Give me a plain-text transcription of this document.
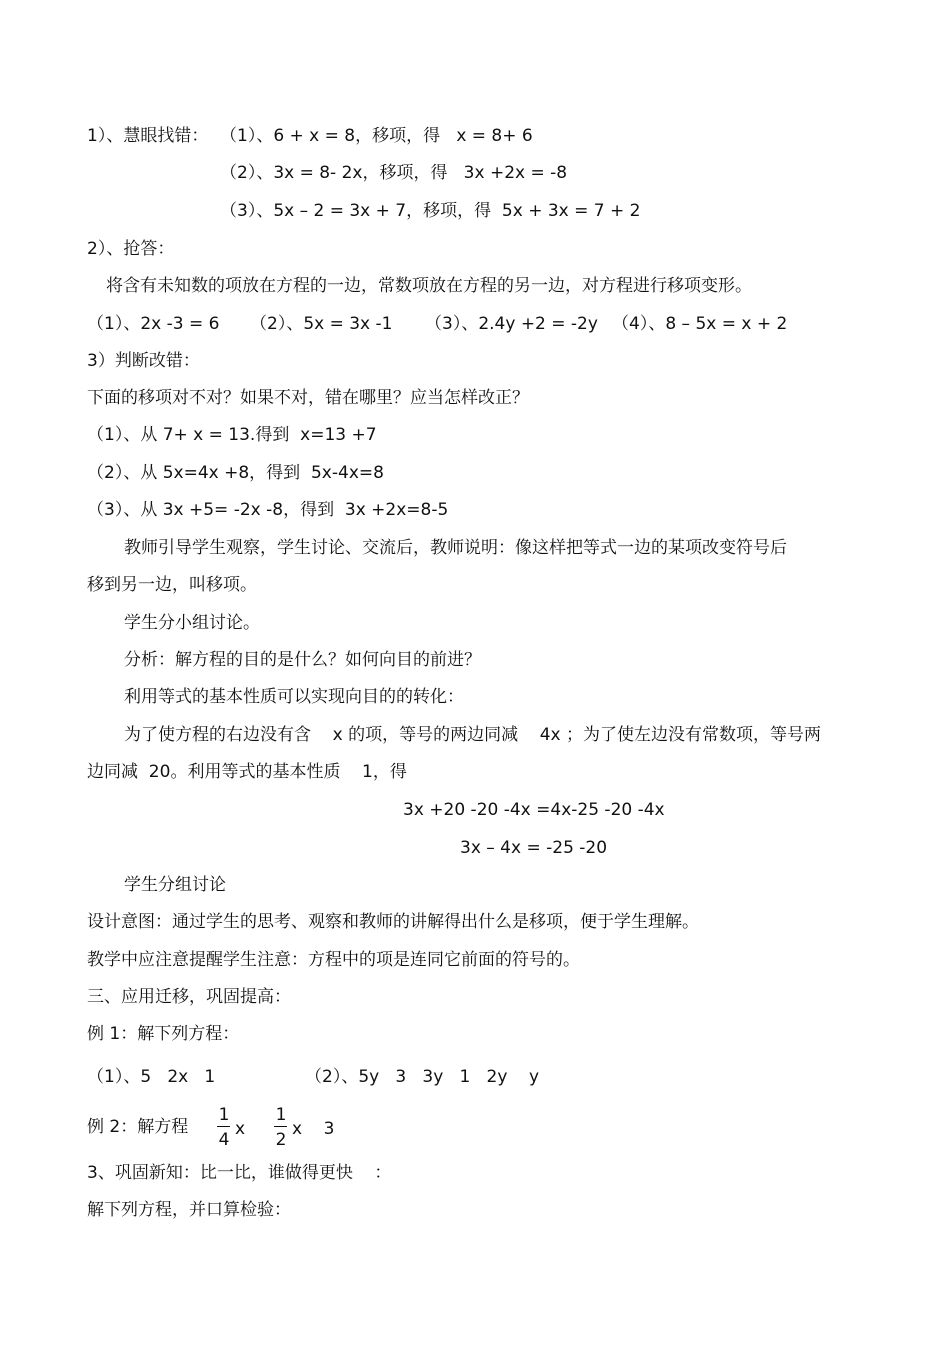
1）、慧眼找错： （1）、6 + x = 8，移项，得   x = 8+ 6
（2）、3x = 8- 2x，移项，得   3x +2x = -8
（3）、5x – 2 = 3x + 7，移项，得  5x + 3x = 7 + 2
2）、抢答：
将含有未知数的项放在方程的一边，常数项放在方程的另一边，对方程进行移项变形。
（1）、2x -3 = 6 （2）、5x = 3x -1 （3）、2.4y +2 = -2y （4）、8 – 5x = x + 2
3）判断改错：
下面的移项对不对？如果不对，错在哪里？应当怎样改正？
（1）、从 7+ x = 13.得到  x=13 +7
（2）、从 5x=4x +8，得到  5x-4x=8
（3）、从 3x +5= -2x -8，得到  3x +2x=8-5
教师引导学生观察，学生讨论、交流后，教师说明：像这样把等式一边的某项改变符号后
移到另一边，叫移项。
学生分小组讨论。
分析：解方程的目的是什么？如何向目的前进？
利用等式的基本性质可以实现向目的的转化：
为了使方程的右边没有含    x 的项，等号的两边同减    4x ；为了使左边没有常数项，等号两
边同减  20。利用等式的基本性质    1，得
3x +20 -20 -4x =4x-25 -20 -4x
3x – 4x = -25 -20
学生分组讨论
设计意图：通过学生的思考、观察和教师的讲解得出什么是移项，便于学生理解。
教学中应注意提醒学生注意：方程中的项是连同它前面的符号的。
三、应用迁移，巩固提高：
例 1：解下列方程：
（1）、5   2x   1	（2）、5y   3   3y   1   2y    y
例 2：解方程
1
4
x
1
2
x    3
3、巩固新知：比一比，谁做得更快    ：
解下列方程，并口算检验：
